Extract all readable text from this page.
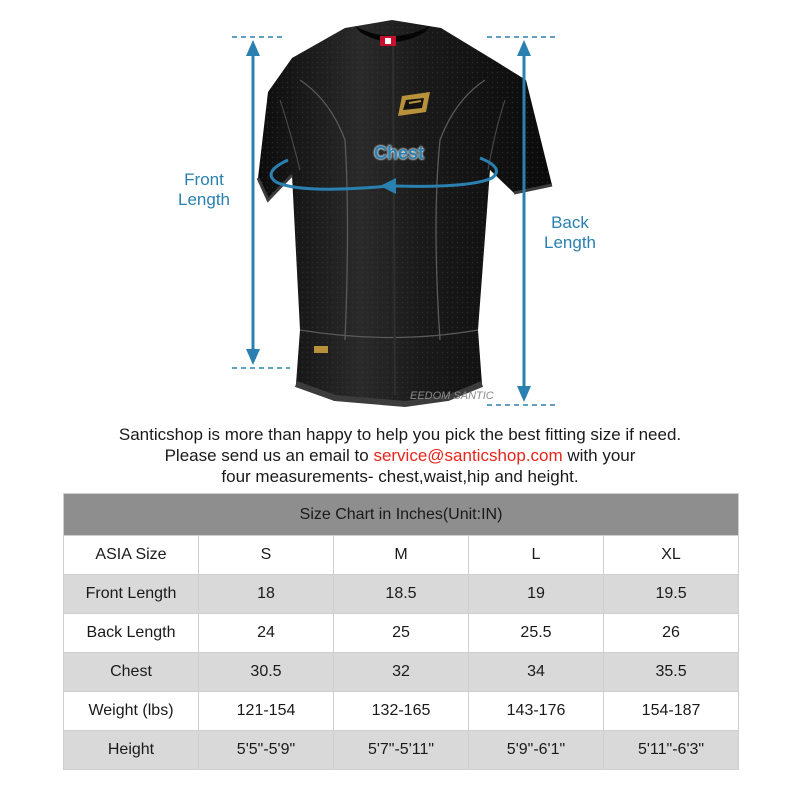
EEDOM SANTIC
Front Length
Back Length
Chest
Santicshop is more than happy to help you pick the best fitting size if need.
Please send us an email to service@santicshop.com with your
four measurements- chest,waist,hip and height.
Size Chart in Inches(Unit:IN)				
ASIA Size	S	M	L	XL
Front Length	18	18.5	19	19.5
Back Length	24	25	25.5	26
Chest	30.5	32	34	35.5
Weight (lbs)	121-154	132-165	143-176	154-187
Height	5'5"-5'9"	5'7"-5'11"	5'9"-6'1"	5'11"-6'3"
